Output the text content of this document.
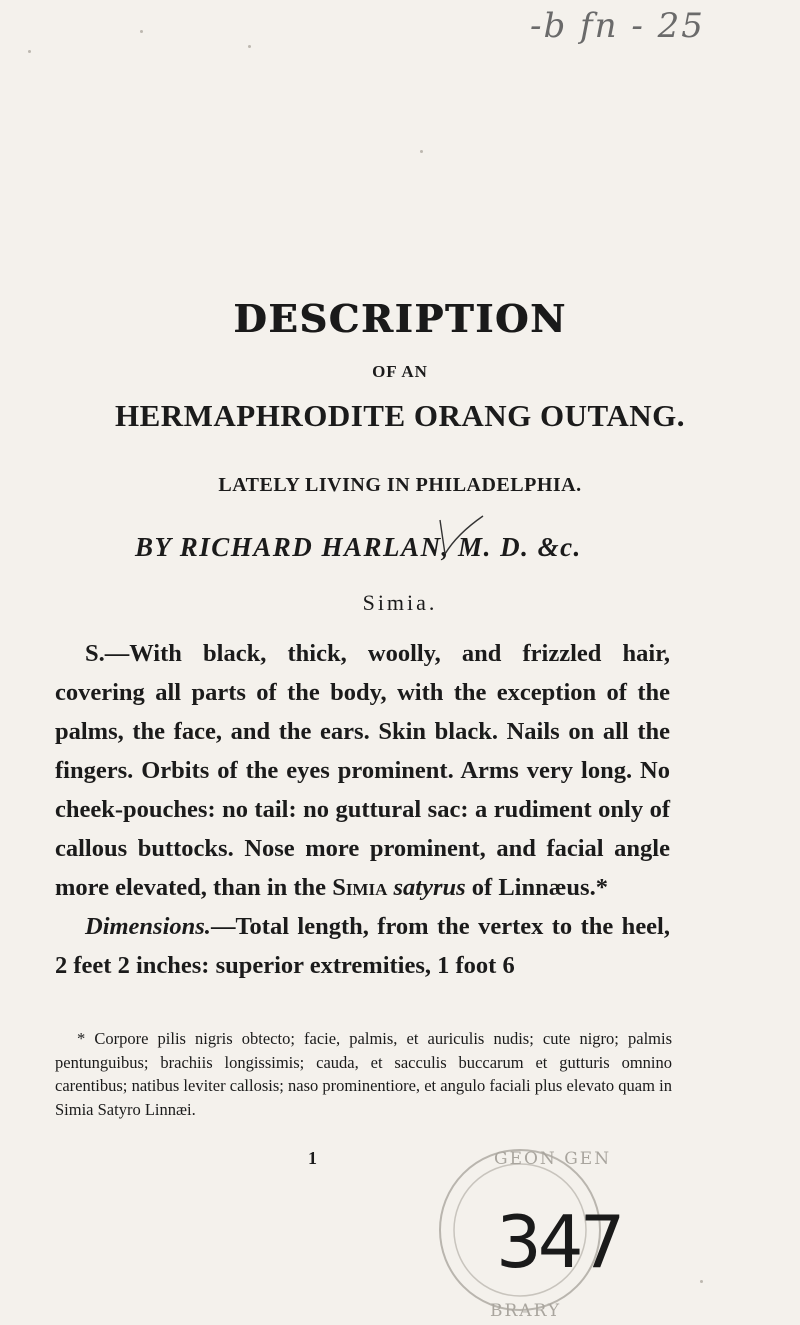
-b fn - 25
DESCRIPTION
OF AN
HERMAPHRODITE ORANG OUTANG.
LATELY LIVING IN PHILADELPHIA.
BY RICHARD HARLAN, M. D. &c.
Simia.

S.—With black, thick, woolly, and frizzled hair, covering all parts of the body, with the exception of the palms, the face, and the ears. Skin black. Nails on all the fingers. Orbits of the eyes prominent. Arms very long. No cheek-pouches: no tail: no guttural sac: a rudiment only of callous buttocks. Nose more prominent, and facial angle more elevated, than in the Simia satyrus of Linnæus.*

Dimensions.—Total length, from the vertex to the heel, 2 feet 2 inches: superior extremities, 1 foot 6

* Corpore pilis nigris obtecto; facie, palmis, et auriculis nudis; cute nigro; palmis pentunguibus; brachiis longissimis; cauda, et sacculis buccarum et gutturis omnino carentibus; natibus leviter callosis; naso prominentiore, et angulo faciali plus elevato quam in Simia Satyro Linnæi.

1	GEON GEN
BRARY
347
